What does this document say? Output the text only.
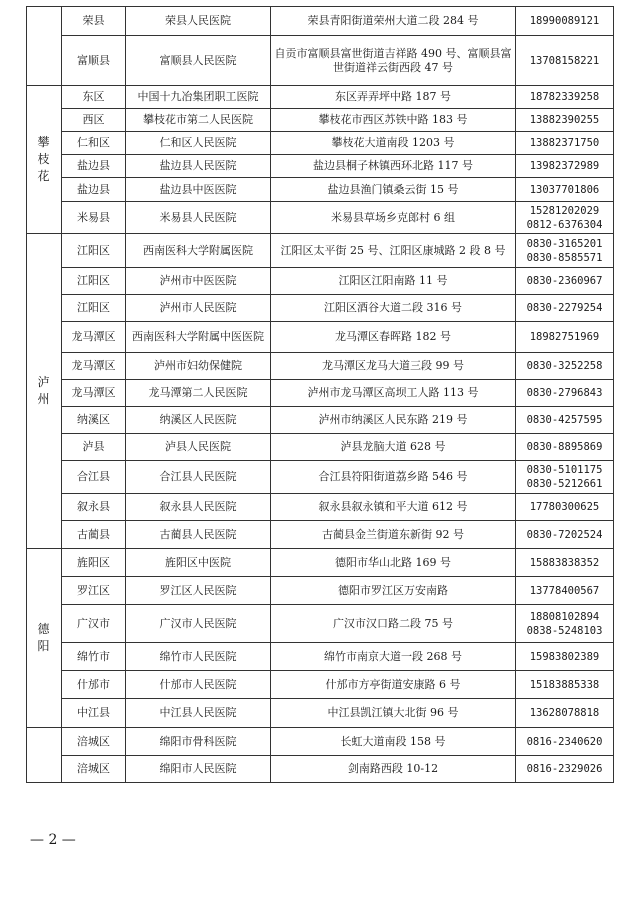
	荣县	荣县人民医院	荣县青阳街道荣州大道二段 284 号	18990089121
	富顺县	富顺县人民医院	自贡市富顺县富世街道吉祥路 490 号、富顺县富世街道祥云街西段 47 号	13708158221
攀枝花	东区	中国十九冶集团职工医院	东区弄弄坪中路 187 号	18782339258
	西区	攀枝花市第二人民医院	攀枝花市西区苏铁中路 183 号	13882390255
	仁和区	仁和区人民医院	攀枝花大道南段 1203 号	13882371750
	盐边县	盐边县人民医院	盐边县桐子林镇西环北路 117 号	13982372989
	盐边县	盐边县中医医院	盐边县渔门镇桑云街 15 号	13037701806
	米易县	米易县人民医院	米易县草场乡克郎村 6 组	15281202029 0812-6376304
泸州	江阳区	西南医科大学附属医院	江阳区太平街 25 号、江阳区康城路 2 段 8 号	0830-3165201 0830-8585571
	江阳区	泸州市中医医院	江阳区江阳南路 11 号	0830-2360967
	江阳区	泸州市人民医院	江阳区酒谷大道二段 316 号	0830-2279254
	龙马潭区	西南医科大学附属中医医院	龙马潭区春晖路 182 号	18982751969
	龙马潭区	泸州市妇幼保健院	龙马潭区龙马大道三段 99 号	0830-3252258
	龙马潭区	龙马潭第二人民医院	泸州市龙马潭区高坝工人路 113 号	0830-2796843
	纳溪区	纳溪区人民医院	泸州市纳溪区人民东路 219 号	0830-4257595
	泸县	泸县人民医院	泸县龙脑大道 628 号	0830-8895869
	合江县	合江县人民医院	合江县符阳街道荔乡路 546 号	0830-5101175 0830-5212661
	叙永县	叙永县人民医院	叙永县叙永镇和平大道 612 号	17780300625
	古蔺县	古蔺县人民医院	古蔺县金兰街道东新街 92 号	0830-7202524
德阳	旌阳区	旌阳区中医院	德阳市华山北路 169 号	15883838352
	罗江区	罗江区人民医院	德阳市罗江区万安南路	13778400567
	广汉市	广汉市人民医院	广汉市汉口路二段 75 号	18808102894 0838-5248103
	绵竹市	绵竹市人民医院	绵竹市南京大道一段 268 号	15983802389
	什邡市	什邡市人民医院	什邡市方亭街道安康路 6 号	15183885338
	中江县	中江县人民医院	中江县凯江镇大北街 96 号	13628078818
	涪城区	绵阳市骨科医院	长虹大道南段 158 号	0816-2340620
	涪城区	绵阳市人民医院	剑南路西段 10-12	0816-2329026
— 2 —
